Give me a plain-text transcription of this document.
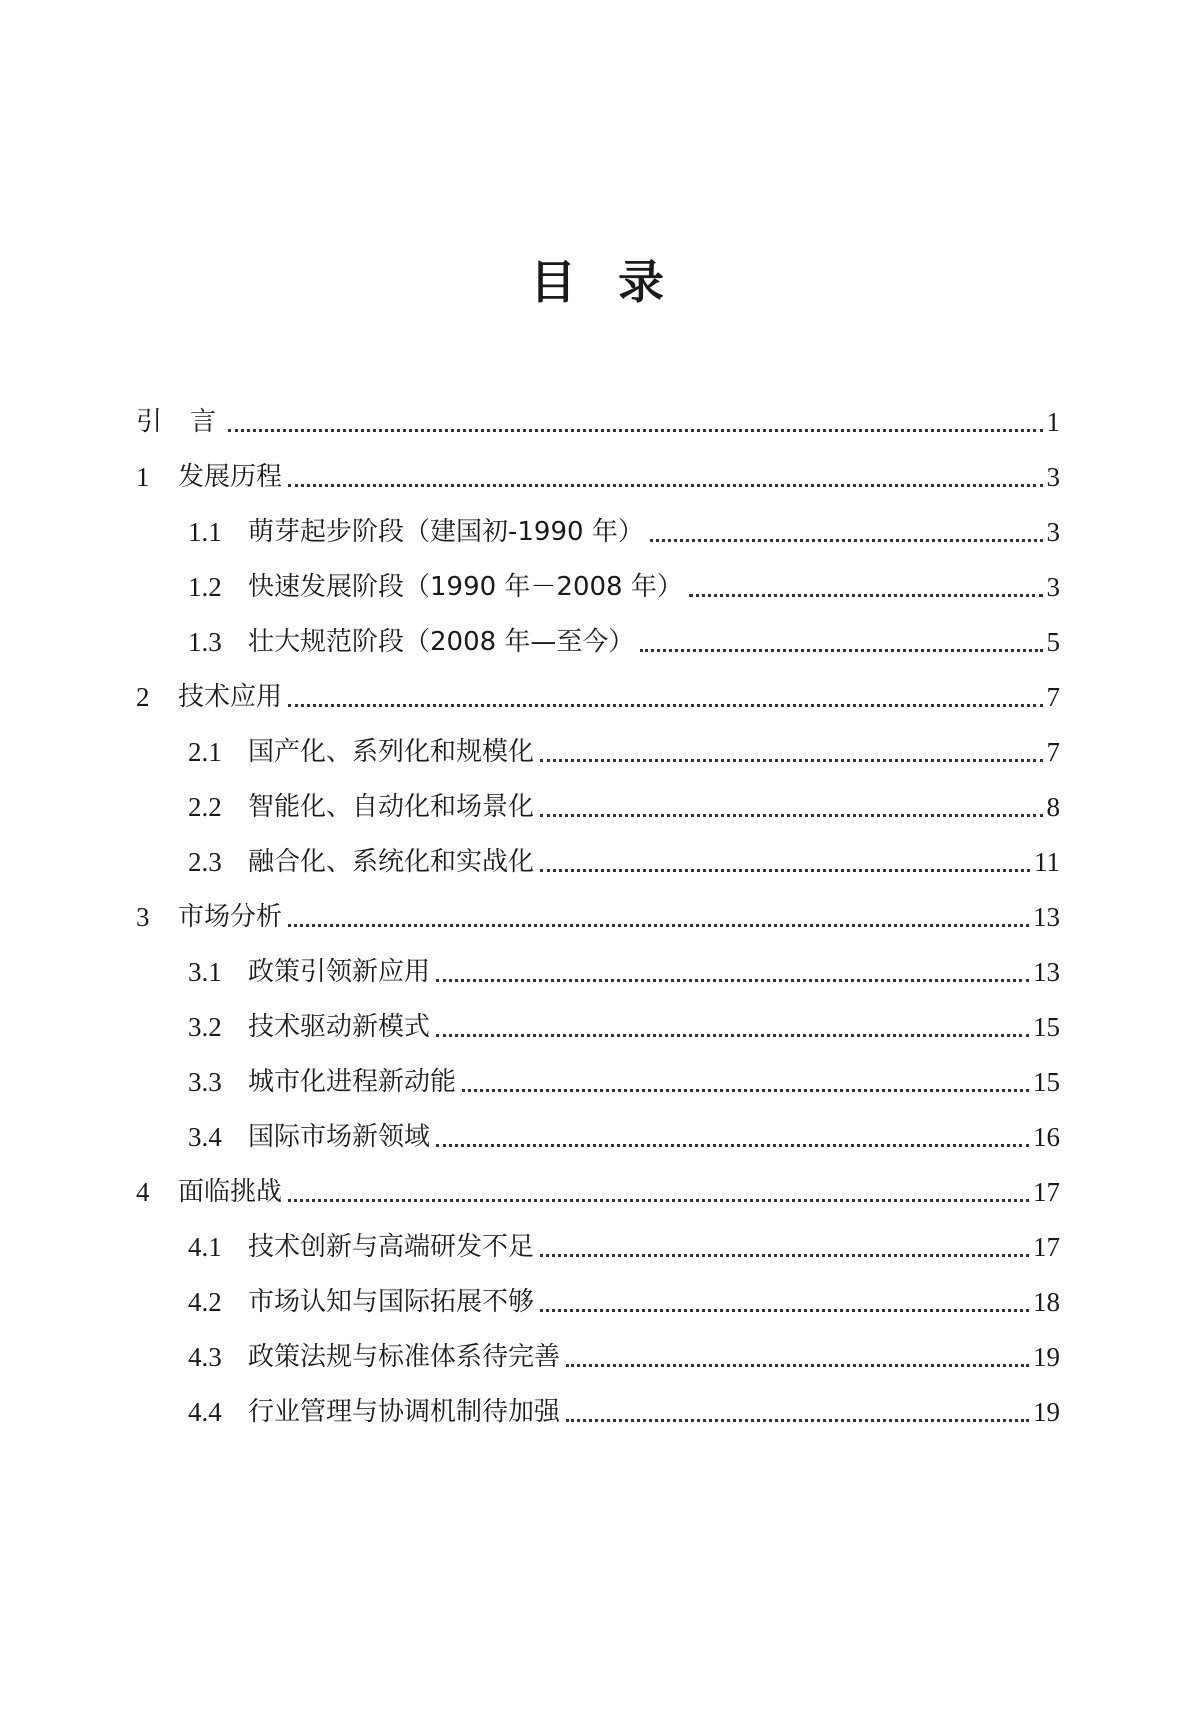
目 录
引言	1
1	发展历程	3
1.1	萌芽起步阶段（建国初-1990 年）	3
1.2	快速发展阶段（1990 年－2008 年）	3
1.3	壮大规范阶段（2008 年—至今）	5
2	技术应用	7
2.1	国产化、系列化和规模化	7
2.2	智能化、自动化和场景化	8
2.3	融合化、系统化和实战化	11
3	市场分析	13
3.1	政策引领新应用	13
3.2	技术驱动新模式	15
3.3	城市化进程新动能	15
3.4	国际市场新领域	16
4	面临挑战	17
4.1	技术创新与高端研发不足	17
4.2	市场认知与国际拓展不够	18
4.3	政策法规与标准体系待完善	19
4.4	行业管理与协调机制待加强	19
